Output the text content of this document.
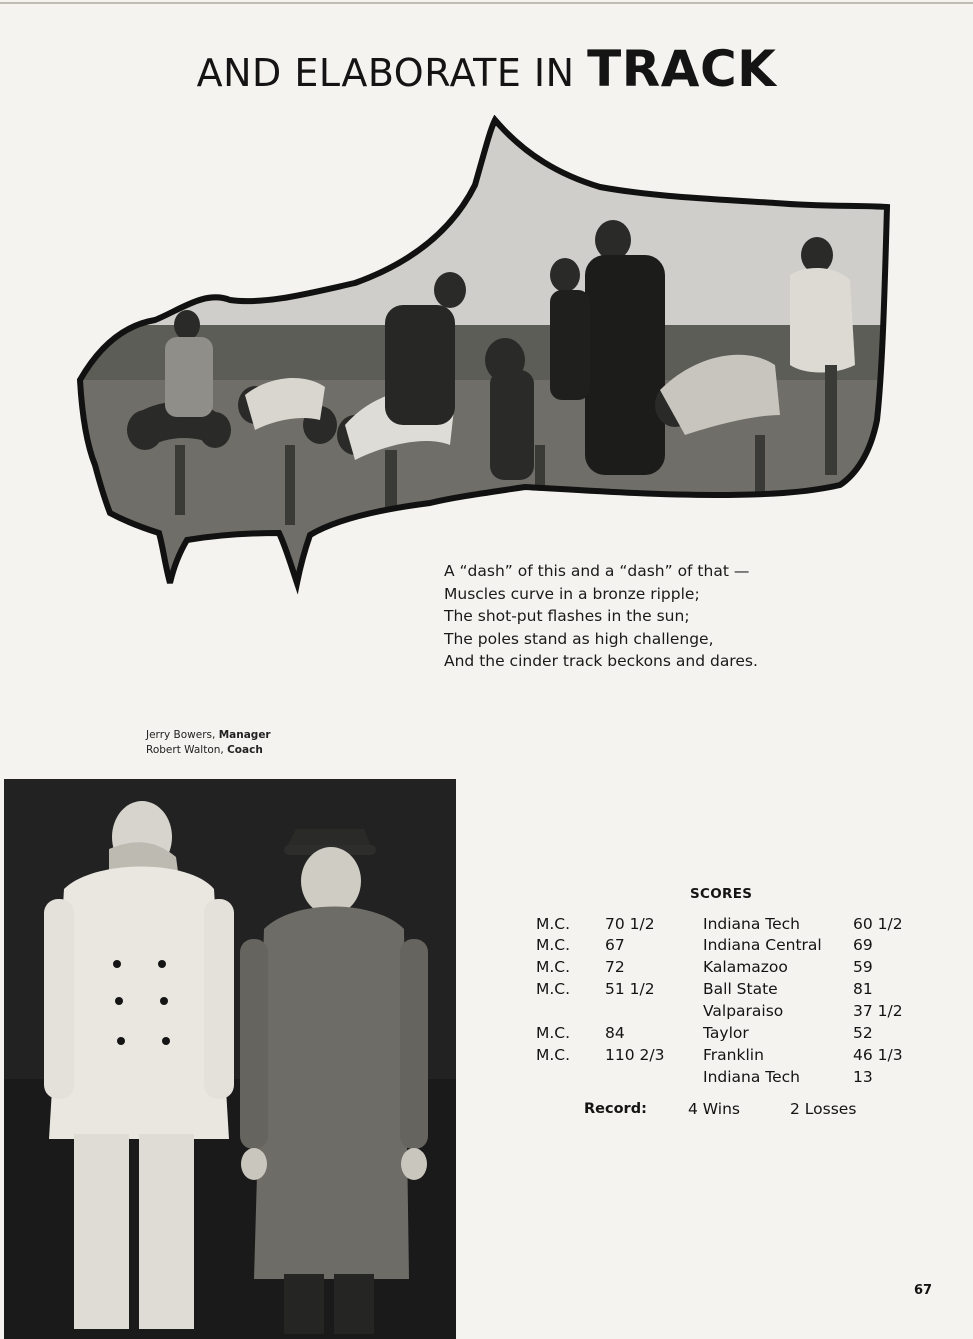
AND ELABORATE IN TRACK
A “dash” of this and a “dash” of that —
Muscles curve in a bronze ripple;
The shot-put flashes in the sun;
The poles stand as high challenge,
And the cinder track beckons and dares.
Jerry Bowers, Manager
Robert Walton, Coach
SCORES
M.C. 70 1/2	Indiana Tech	60 1/2
M.C. 67	Indiana Central 69
M.C. 72	Kalamazoo	59
M.C. 51 1/2	Ball State	81
Valparaiso	37 1/2
M.C. 84	Taylor	52
M.C. 110 2/3 Franklin	46 1/3
Indiana Tech	13
Record:	4 Wins	2 Losses
67
